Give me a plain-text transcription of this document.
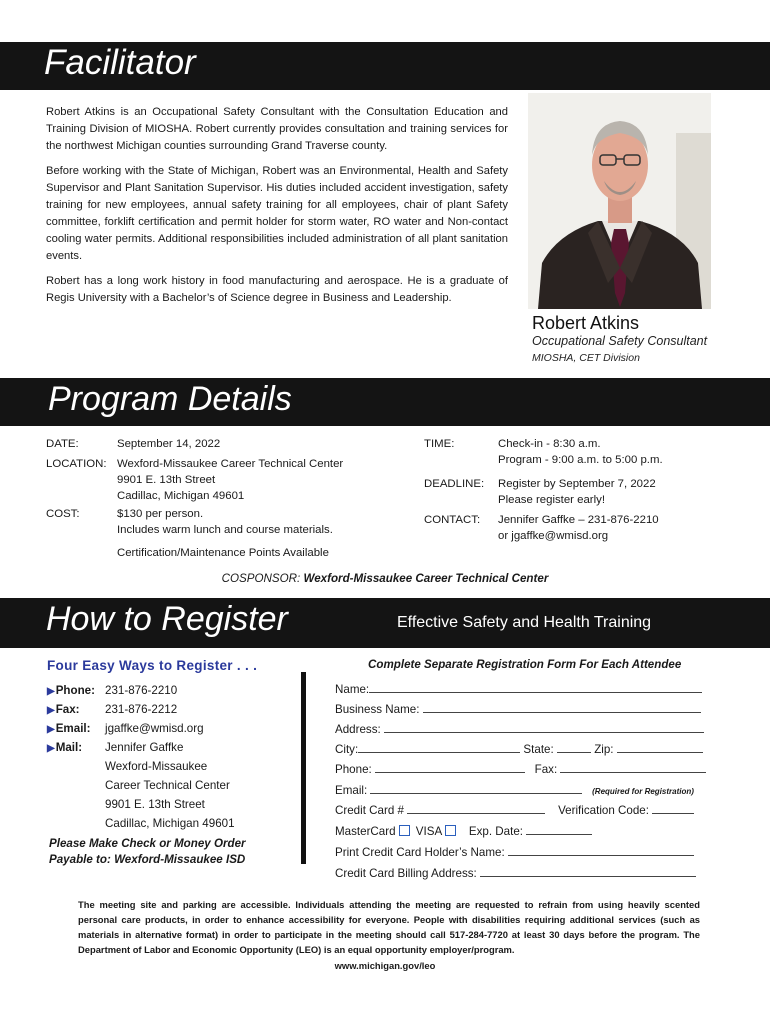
Facilitator

Robert Atkins is an Occupational Safety Consultant with the Consultation Education and Training Division of MIOSHA. Robert currently provides consultation and training services for the northwest Michigan counties surrounding Grand Traverse county.

Before working with the State of Michigan, Robert was an Environmental, Health and Safety Supervisor and Plant Sanitation Supervisor. His duties included accident investigation, safety training for new employees, annual safety training for all employees, chair of plant Safety committee, forklift certification and permit holder for storm water, RO water and Non-contact cooling water permits. Additional responsibilities included administration of all plant sanitation events.

Robert has a long work history in food manufacturing and aerospace. He is a graduate of Regis University with a Bachelor’s of Science degree in Business and Leadership.

Robert Atkins
Occupational Safety Consultant
MIOSHA, CET Division
Program Details
DATE:	September 14, 2022
LOCATION: Wexford-Missaukee Career Technical Center
9901 E. 13th Street
Cadillac, Michigan 49601
COST:	$130 per person.
Includes warm lunch and course materials.
Certification/Maintenance Points Available
TIME:	Check-in - 8:30 a.m.
Program - 9:00 a.m. to 5:00 p.m.
DEADLINE: Register by September 7, 2022
Please register early!
CONTACT: Jennifer Gaffke – 231-876-2210
or jgaffke@wmisd.org
COSPONSOR: Wexford-Missaukee Career Technical Center
How to Register	Effective Safety and Health Training
Four Easy Ways to Register . . .
▶Phone: 231-876-2210
▶Fax: 231-876-2212
▶Email: jgaffke@wmisd.org
▶Mail: Jennifer Gaffke
Wexford-Missaukee
Career Technical Center
9901 E. 13th Street
Cadillac, Michigan 49601
Please Make Check or Money Order
Payable to: Wexford-Missaukee ISD
Complete Separate Registration Form For Each Attendee
Name:
Business Name:
Address:
City:	State:	Zip:
Phone:	Fax:
Email:	(Required for Registration)
Credit Card #	Verification Code:
MasterCard VISA Exp. Date:
Print Credit Card Holder’s Name:
Credit Card Billing Address:
The meeting site and parking are accessible. Individuals attending the meeting are requested to refrain from using heavily scented personal care products, in order to enhance accessibility for everyone. People with disabilities requiring additional services (such as materials in alternative format) in order to participate in the meeting should call 517-284-7720 at least 30 days before the program. The Department of Labor and Economic Opportunity (LEO) is an equal opportunity employer/program.
www.michigan.gov/leo
